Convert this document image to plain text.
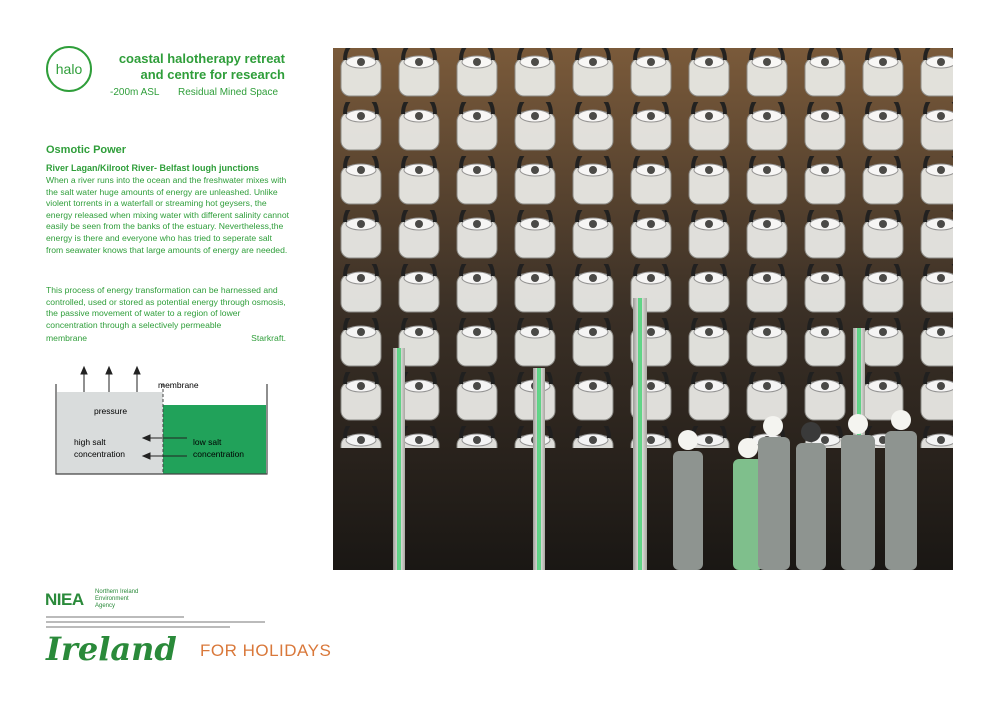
halo
coastal halotherapy retreat
and centre for research
-200m ASL Residual Mined Space
Osmotic Power
River Lagan/Kilroot River- Belfast lough junctions
When a river runs into the ocean and the freshwater mixes with the salt water huge amounts of energy are unleashed. Unlike violent torrents in a waterfall or streaming hot geysers, the energy released when mixing water with different salinity cannot easily be seen from the banks of the estuary. Nevertheless,the energy is there and everyone who has tried to seperate salt from seawater knows that large amounts of energy are needed.
This process of energy transformation can be harnessed and controlled, used or stored as potential energy through osmosis, the passive movement of water to a region of lower concentration through a selectively permeable
membrane	Starkraft.
membrane
pressure
high salt
concentration
low salt
concentration
NIEA Northern Ireland
Environment
Agency
Ireland FOR HOLIDAYS
